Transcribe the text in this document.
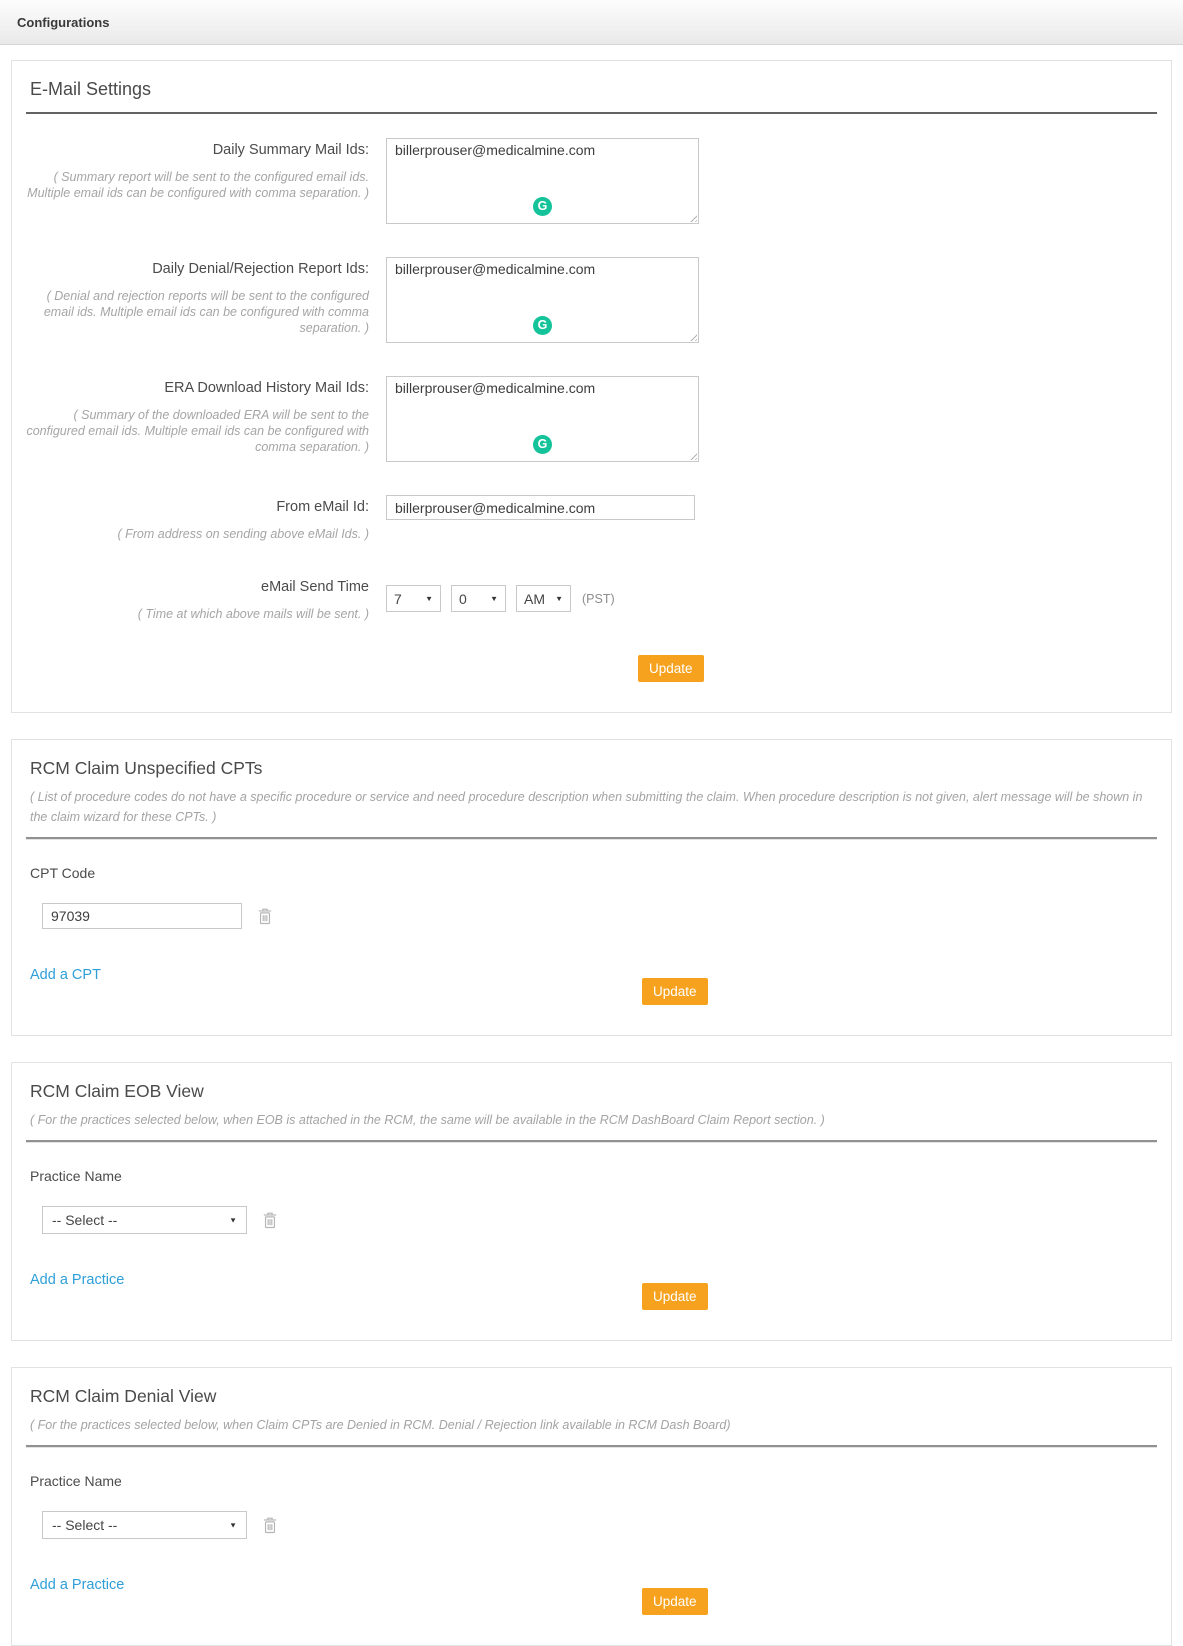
Configurations
E-Mail Settings
Daily Summary Mail Ids:
( Summary report will be sent to the configured email ids. Multiple email ids can be configured with comma separation. )
billerprouser@medicalmine.com
G
Daily Denial/Rejection Report Ids:
( Denial and rejection reports will be sent to the configured email ids. Multiple email ids can be configured with comma separation. )
billerprouser@medicalmine.com	G
ERA Download History Mail Ids:
( Summary of the downloaded ERA will be sent to the configured email ids. Multiple email ids can be configured with comma separation. )
billerprouser@medicalmine.com	G
From eMail Id:
( From address on sending above eMail Ids. )
billerprouser@medicalmine.com
eMail Send Time
( Time at which above mails will be sent. )
7	▼ 0	▼ AM ▼ (PST)
Update
RCM Claim Unspecified CPTs
( List of procedure codes do not have a specific procedure or service and need procedure description when submitting the claim. When procedure description is not given, alert message will be shown in the claim wizard for these CPTs. )
CPT Code
97039
Add a CPT
Update
RCM Claim EOB View
( For the practices selected below, when EOB is attached in the RCM, the same will be available in the RCM DashBoard Claim Report section. )
Practice Name
-- Select --	▼
Add a Practice
Update
RCM Claim Denial View
( For the practices selected below, when Claim CPTs are Denied in RCM. Denial / Rejection link available in RCM Dash Board)
Practice Name
-- Select --	▼
Add a Practice
Update
